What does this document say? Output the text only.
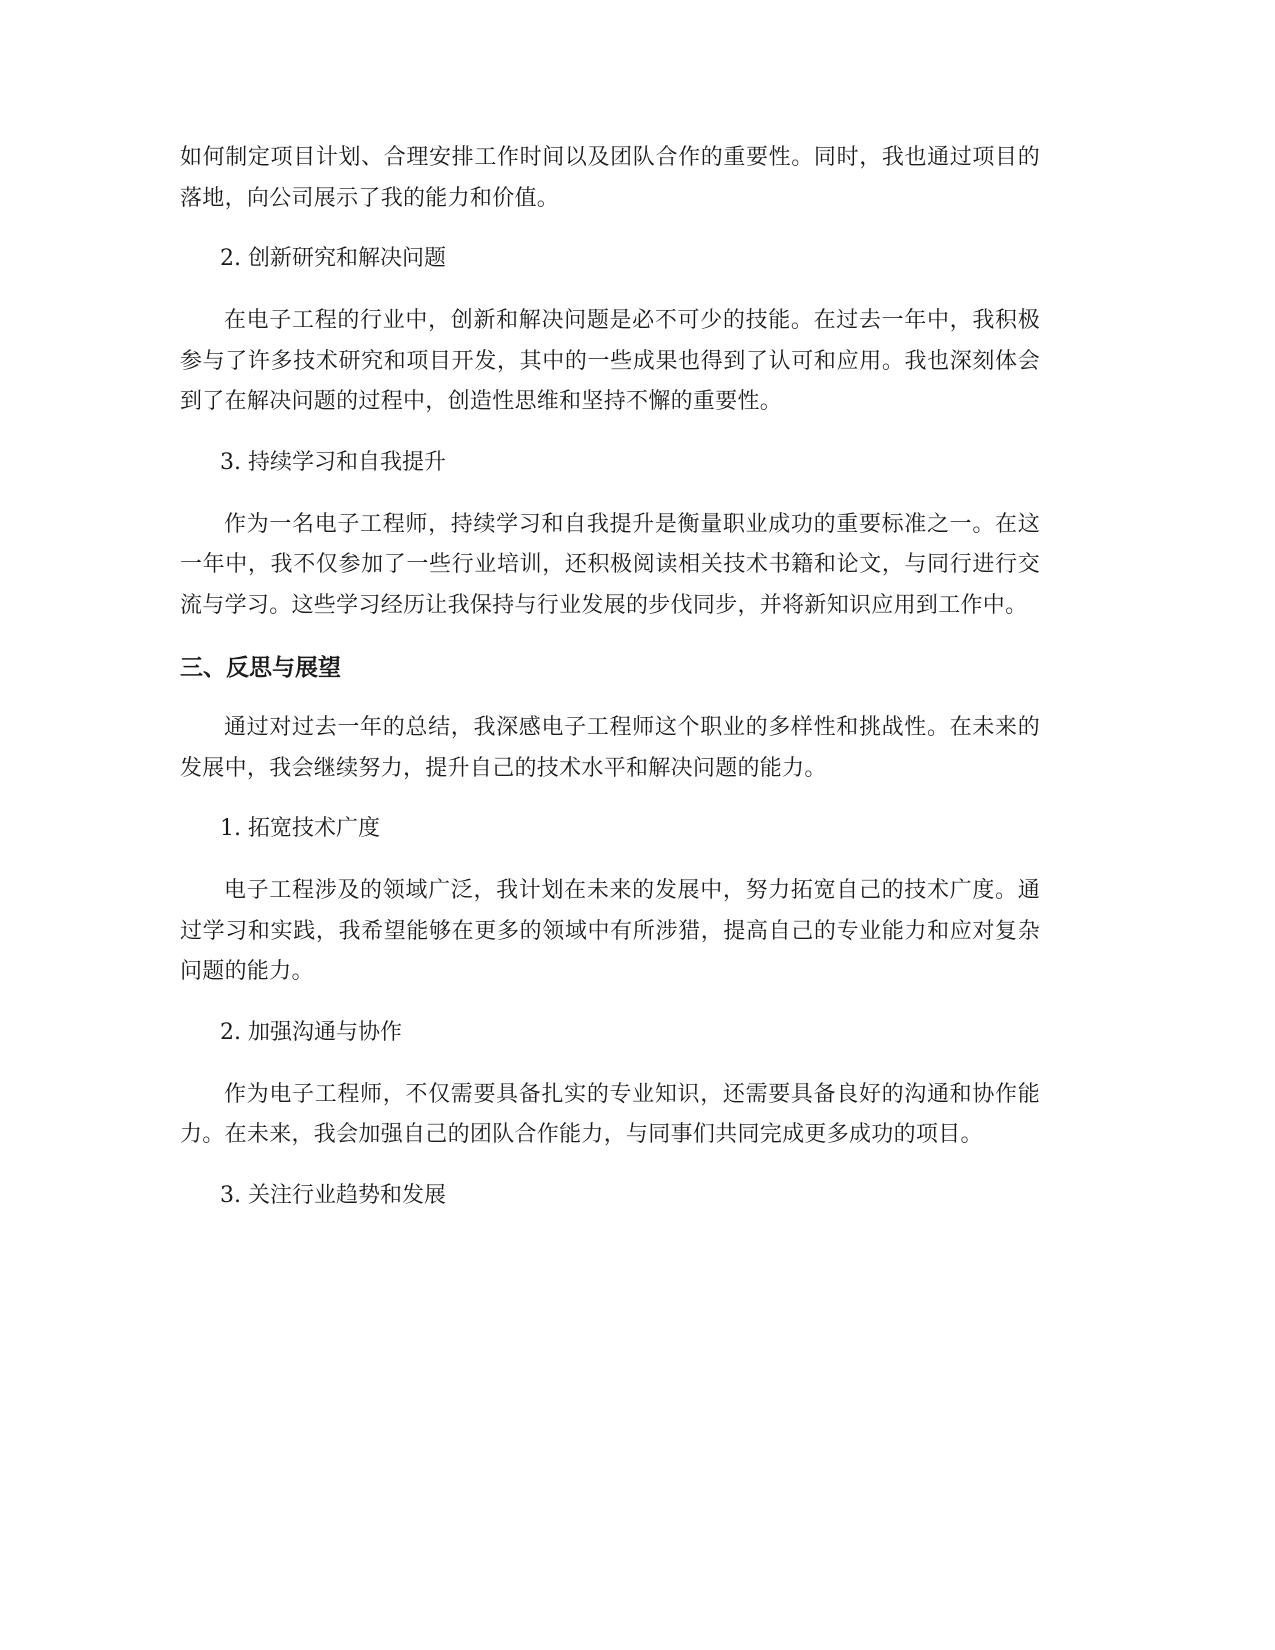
如何制定项目计划、合理安排工作时间以及团队合作的重要性。同时，我也通过项目的落地，向公司展示了我的能力和价值。

2. 创新研究和解决问题

在电子工程的行业中，创新和解决问题是必不可少的技能。在过去一年中，我积极参与了许多技术研究和项目开发，其中的一些成果也得到了认可和应用。我也深刻体会到了在解决问题的过程中，创造性思维和坚持不懈的重要性。

3. 持续学习和自我提升

作为一名电子工程师，持续学习和自我提升是衡量职业成功的重要标准之一。在这一年中，我不仅参加了一些行业培训，还积极阅读相关技术书籍和论文，与同行进行交流与学习。这些学习经历让我保持与行业发展的步伐同步，并将新知识应用到工作中。

三、反思与展望

通过对过去一年的总结，我深感电子工程师这个职业的多样性和挑战性。在未来的发展中，我会继续努力，提升自己的技术水平和解决问题的能力。

1. 拓宽技术广度

电子工程涉及的领域广泛，我计划在未来的发展中，努力拓宽自己的技术广度。通过学习和实践，我希望能够在更多的领域中有所涉猎，提高自己的专业能力和应对复杂问题的能力。

2. 加强沟通与协作

作为电子工程师，不仅需要具备扎实的专业知识，还需要具备良好的沟通和协作能力。在未来，我会加强自己的团队合作能力，与同事们共同完成更多成功的项目。

3. 关注行业趋势和发展
